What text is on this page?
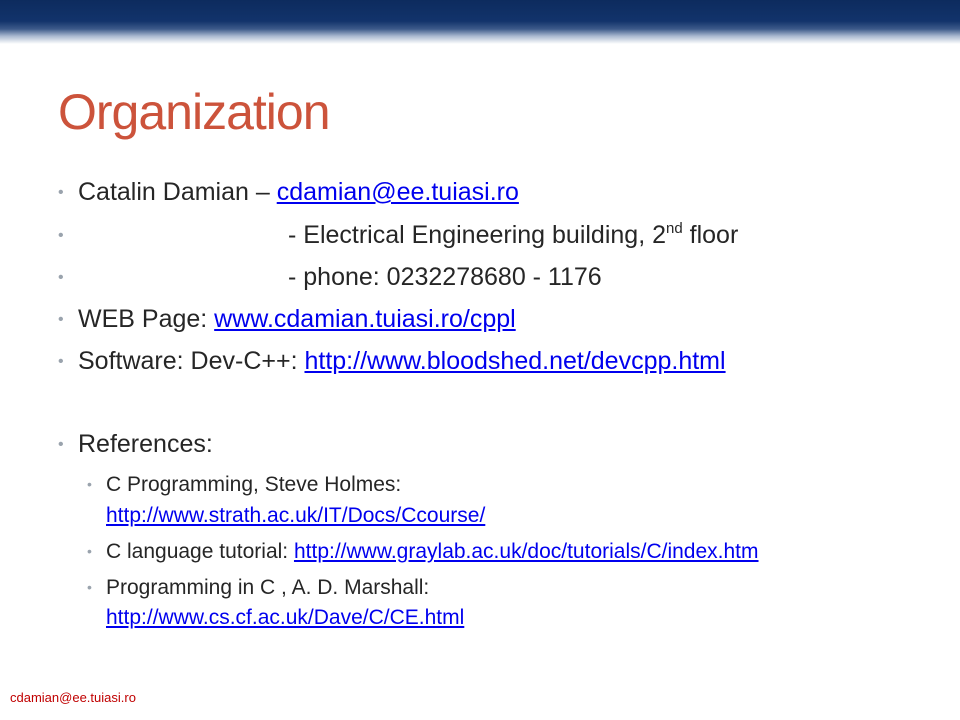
Organization
• Catalin Damian – cdamian@ee.tuiasi.ro
•	- Electrical Engineering building, 2nd floor
•	- phone: 0232278680 - 1176
• WEB Page: www.cdamian.tuiasi.ro/cppl
• Software: Dev-C++: http://www.bloodshed.net/devcpp.html
• References:
• C Programming, Steve Holmes:
http://www.strath.ac.uk/IT/Docs/Ccourse/
• C language tutorial: http://www.graylab.ac.uk/doc/tutorials/C/index.htm
• Programming in C , A. D. Marshall:
http://www.cs.cf.ac.uk/Dave/C/CE.html
cdamian@ee.tuiasi.ro
